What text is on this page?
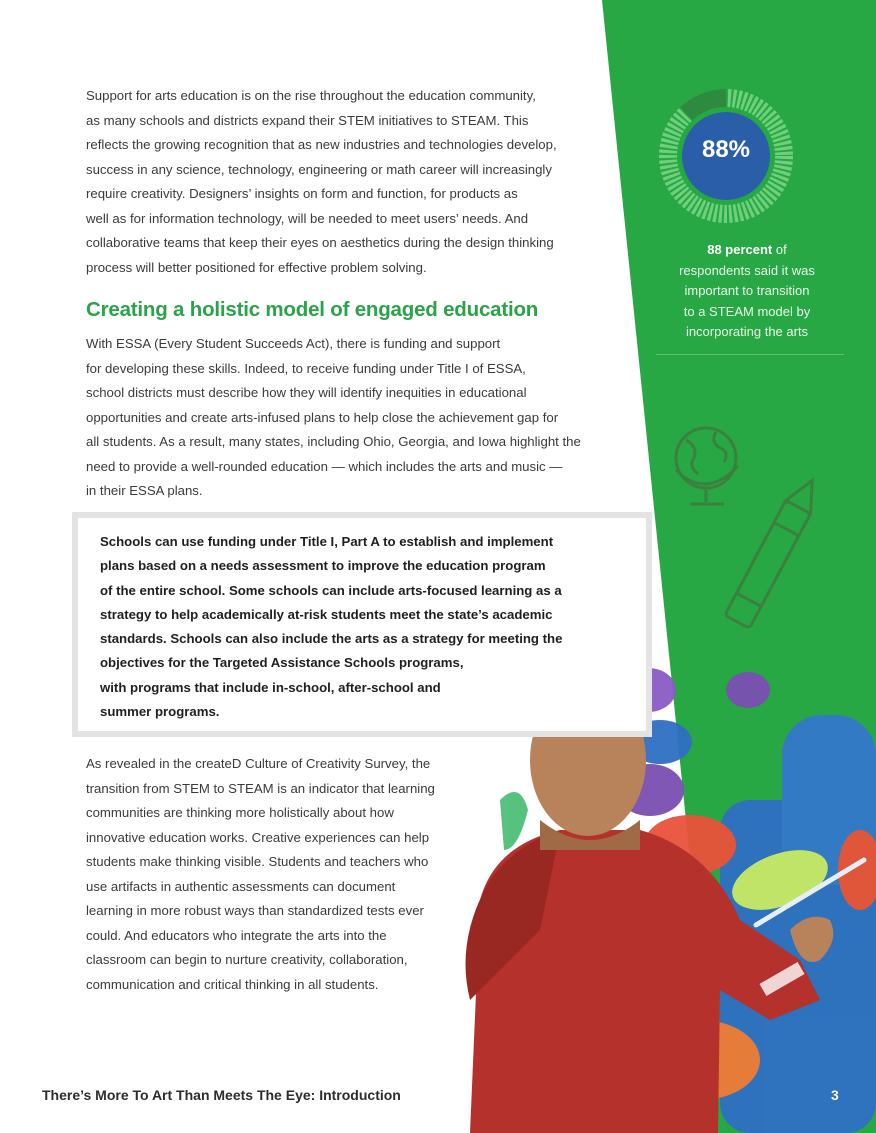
Support for arts education is on the rise throughout the education community,
as many schools and districts expand their STEM initiatives to STEAM. This
reflects the growing recognition that as new industries and technologies develop,
success in any science, technology, engineering or math career will increasingly
require creativity. Designers’ insights on form and function, for products as
well as for information technology, will be needed to meet users’ needs. And
collaborative teams that keep their eyes on aesthetics during the design thinking
process will better positioned for effective problem solving.

Creating a holistic model of engaged education

With ESSA (Every Student Succeeds Act), there is funding and support
for developing these skills. Indeed, to receive funding under Title I of ESSA,
school districts must describe how they will identify inequities in educational
opportunities and create arts-infused plans to help close the achievement gap for
all students. As a result, many states, including Ohio, Georgia, and Iowa highlight the
need to provide a well-rounded education — which includes the arts and music —
in their ESSA plans.

Schools can use funding under Title I, Part A to establish and implement
plans based on a needs assessment to improve the education program
of the entire school. Some schools can include arts-focused learning as a
strategy to help academically at-risk students meet the state’s academic
standards. Schools can also include the arts as a strategy for meeting the
objectives for the Targeted Assistance Schools programs,
with programs that include in-school, after-school and
summer programs.

As revealed in the createD Culture of Creativity Survey, the
transition from STEM to STEAM is an indicator that learning
communities are thinking more holistically about how
innovative education works. Creative experiences can help
students make thinking visible. Students and teachers who
use artifacts in authentic assessments can document
learning in more robust ways than standardized tests ever
could. And educators who integrate the arts into the
classroom can begin to nurture creativity, collaboration,
communication and critical thinking in all students.

88%

88 percent of
respondents said it was
important to transition
to a STEAM model by
incorporating the arts

There’s More To Art Than Meets The Eye: Introduction	3
